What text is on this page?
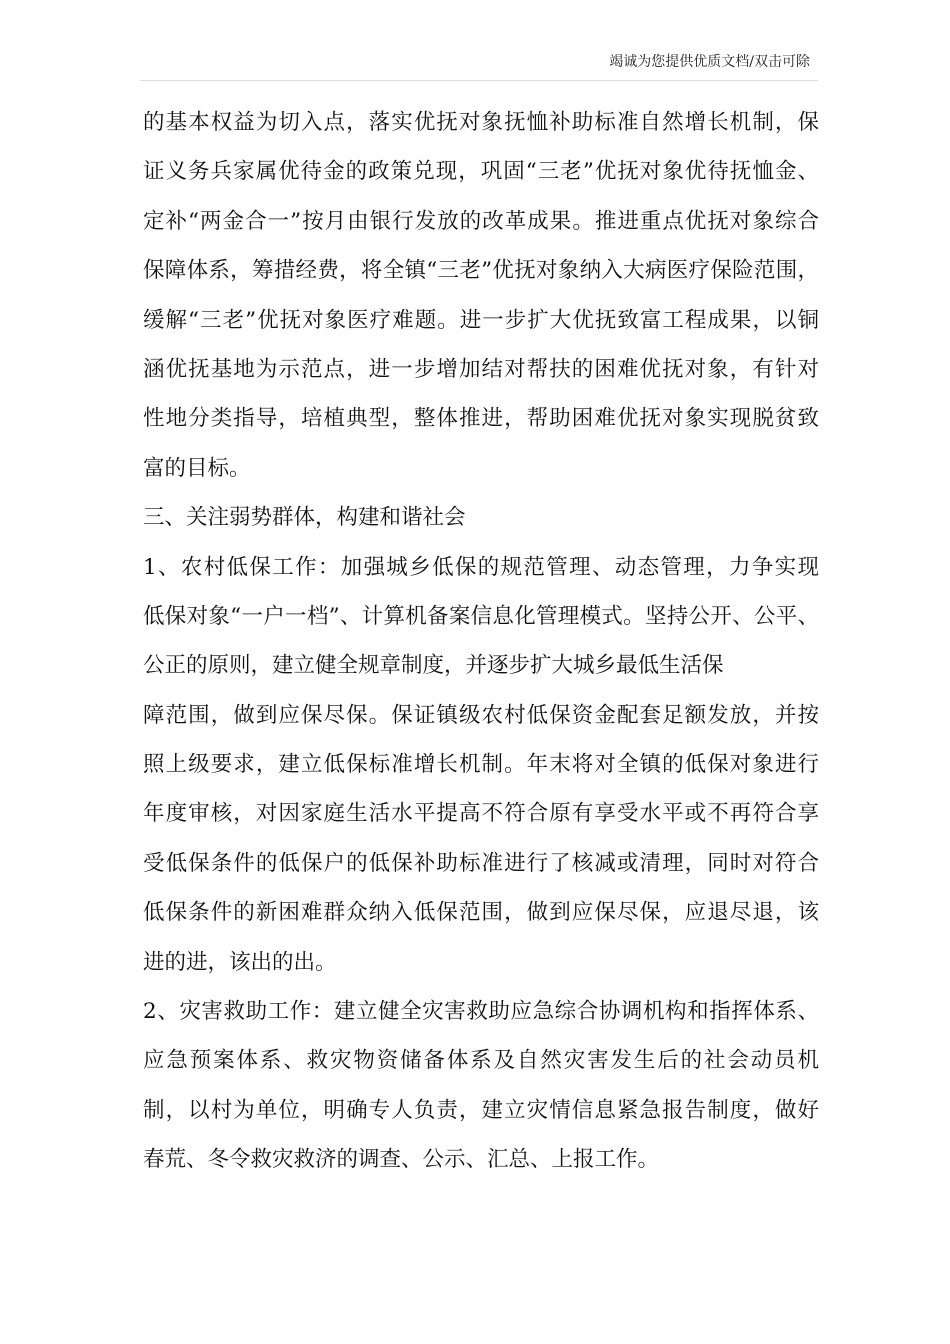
竭诚为您提供优质文档/双击可除
的基本权益为切入点，落实优抚对象抚恤补助标准自然增长机制，保
证义务兵家属优待金的政策兑现，巩固“三老”优抚对象优待抚恤金、
定补“两金合一”按月由银行发放的改革成果。推进重点优抚对象综合
保障体系，筹措经费，将全镇“三老”优抚对象纳入大病医疗保险范围，
缓解“三老”优抚对象医疗难题。进一步扩大优抚致富工程成果，以铜
涵优抚基地为示范点，进一步增加结对帮扶的困难优抚对象，有针对
性地分类指导，培植典型，整体推进，帮助困难优抚对象实现脱贫致
富的目标。
三、关注弱势群体，构建和谐社会
1、农村低保工作：加强城乡低保的规范管理、动态管理，力争实现
低保对象“一户一档”、计算机备案信息化管理模式。坚持公开、公平、
公正的原则，建立健全规章制度，并逐步扩大城乡最低生活保
障范围，做到应保尽保。保证镇级农村低保资金配套足额发放，并按
照上级要求，建立低保标准增长机制。年末将对全镇的低保对象进行
年度审核，对因家庭生活水平提高不符合原有享受水平或不再符合享
受低保条件的低保户的低保补助标准进行了核减或清理，同时对符合
低保条件的新困难群众纳入低保范围，做到应保尽保，应退尽退，该
进的进，该出的出。
2、灾害救助工作：建立健全灾害救助应急综合协调机构和指挥体系、
应急预案体系、救灾物资储备体系及自然灾害发生后的社会动员机
制，以村为单位，明确专人负责，建立灾情信息紧急报告制度，做好
春荒、冬令救灾救济的调查、公示、汇总、上报工作。
